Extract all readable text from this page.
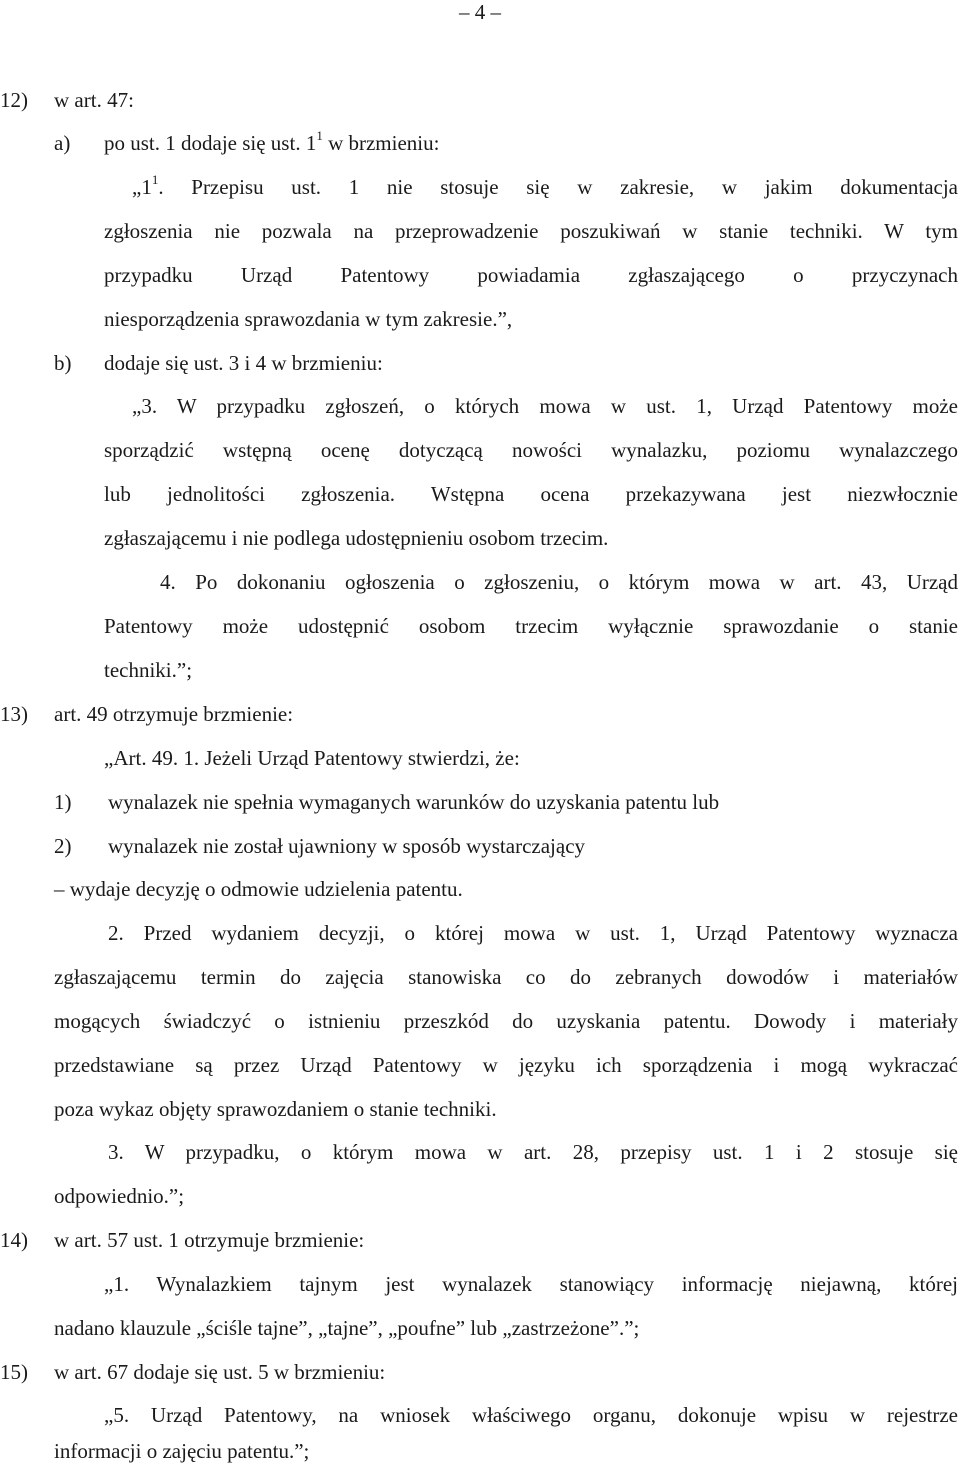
– 4 –
12) w art. 47:
a) po ust. 1 dodaje się ust. $1^1$ w brzmieniu:
$„1^1$. Przepisu ust. 1 nie stosuje się w zakresie, w jakim dokumentacja
zgłoszenia nie pozwala na przeprowadzenie poszukiwań w stanie techniki. W tym
przypadku Urząd Patentowy powiadamia zgłaszającego o przyczynach
niesporządzenia sprawozdania w tym zakresie.”,
b) dodaje się ust. 3 i 4 w brzmieniu:
„3. W przypadku zgłoszeń, o których mowa w ust. 1, Urząd Patentowy może
sporządzić wstępną ocenę dotyczącą nowości wynalazku, poziomu wynalazczego
lub jednolitości zgłoszenia. Wstępna ocena przekazywana jest niezwłocznie
zgłaszającemu i nie podlega udostępnieniu osobom trzecim.
4. Po dokonaniu ogłoszenia o zgłoszeniu, o którym mowa w art. 43, Urząd
Patentowy może udostępnić osobom trzecim wyłącznie sprawozdanie o stanie
techniki.”;
13) art. 49 otrzymuje brzmienie:
„Art. 49. 1. Jeżeli Urząd Patentowy stwierdzi, że:
1) wynalazek nie spełnia wymaganych warunków do uzyskania patentu lub
2) wynalazek nie został ujawniony w sposób wystarczający
– wydaje decyzję o odmowie udzielenia patentu.
2. Przed wydaniem decyzji, o której mowa w ust. 1, Urząd Patentowy wyznacza
zgłaszającemu termin do zajęcia stanowiska co do zebranych dowodów i materiałów
mogących świadczyć o istnieniu przeszkód do uzyskania patentu. Dowody i materiały
przedstawiane są przez Urząd Patentowy w języku ich sporządzenia i mogą wykraczać
poza wykaz objęty sprawozdaniem o stanie techniki.
3. W przypadku, o którym mowa w art. 28, przepisy ust. 1 i 2 stosuje się
odpowiednio.”;
14) w art. 57 ust. 1 otrzymuje brzmienie:
„1. Wynalazkiem tajnym jest wynalazek stanowiący informację niejawną, której
nadano klauzule „ściśle tajne”, „tajne”, „poufne” lub „zastrzeżone”.”;
15) w art. 67 dodaje się ust. 5 w brzmieniu:
„5. Urząd Patentowy, na wniosek właściwego organu, dokonuje wpisu w rejestrze
informacji o zajęciu patentu.”;
